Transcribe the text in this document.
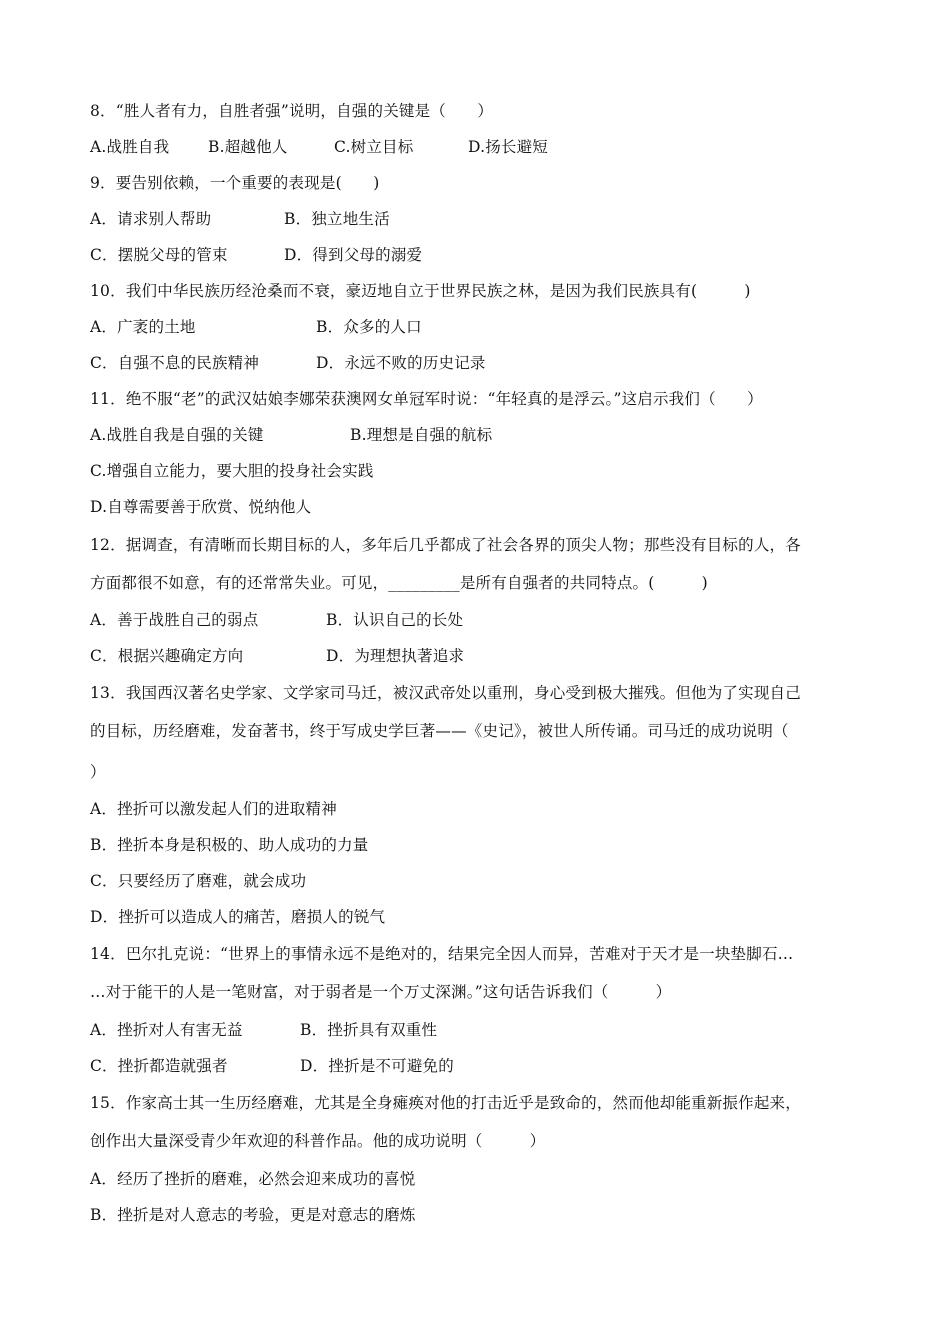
8．“胜人者有力，自胜者强”说明，自强的关键是（　　）
A.战胜自我 B.超越他人	C.树立目标	D.扬长避短
9．要告别依赖，一个重要的表现是(　　)
A．请求别人帮助	B．独立地生活
C．摆脱父母的管束	D．得到父母的溺爱
10．我们中华民族历经沧桑而不衰，豪迈地自立于世界民族之林，是因为我们民族具有(　　　)
A．广袤的土地	B．众多的人口
C．自强不息的民族精神	D．永远不败的历史记录
11．绝不服“老”的武汉姑娘李娜荣获澳网女单冠军时说：“年轻真的是浮云。”这启示我们（　　）
A.战胜自我是自强的关键	B.理想是自强的航标
C.增强自立能力，要大胆的投身社会实践
D.自尊需要善于欣赏、悦纳他人
12．据调查，有清晰而长期目标的人，多年后几乎都成了社会各界的顶尖人物；那些没有目标的人，各
方面都很不如意，有的还常常失业。可见，_________是所有自强者的共同特点。(　　　)
A．善于战胜自己的弱点	B．认识自己的长处
C．根据兴趣确定方向	D．为理想执著追求
13．我国西汉著名史学家、文学家司马迁，被汉武帝处以重刑，身心受到极大摧残。但他为了实现自己
的目标，历经磨难，发奋著书，终于写成史学巨著——《史记》，被世人所传诵。司马迁的成功说明（
）
A．挫折可以激发起人们的进取精神
B．挫折本身是积极的、助人成功的力量
C．只要经历了磨难，就会成功
D．挫折可以造成人的痛苦，磨损人的锐气
14．巴尔扎克说：“世界上的事情永远不是绝对的，结果完全因人而异，苦难对于天才是一块垫脚石…
…对于能干的人是一笔财富，对于弱者是一个万丈深渊。”这句话告诉我们（　　　）
A．挫折对人有害无益	B．挫折具有双重性
C．挫折都造就强者	D．挫折是不可避免的
15．作家高士其一生历经磨难，尤其是全身瘫痪对他的打击近乎是致命的，然而他却能重新振作起来，
创作出大量深受青少年欢迎的科普作品。他的成功说明（　　　）
A．经历了挫折的磨难，必然会迎来成功的喜悦
B．挫折是对人意志的考验，更是对意志的磨炼
